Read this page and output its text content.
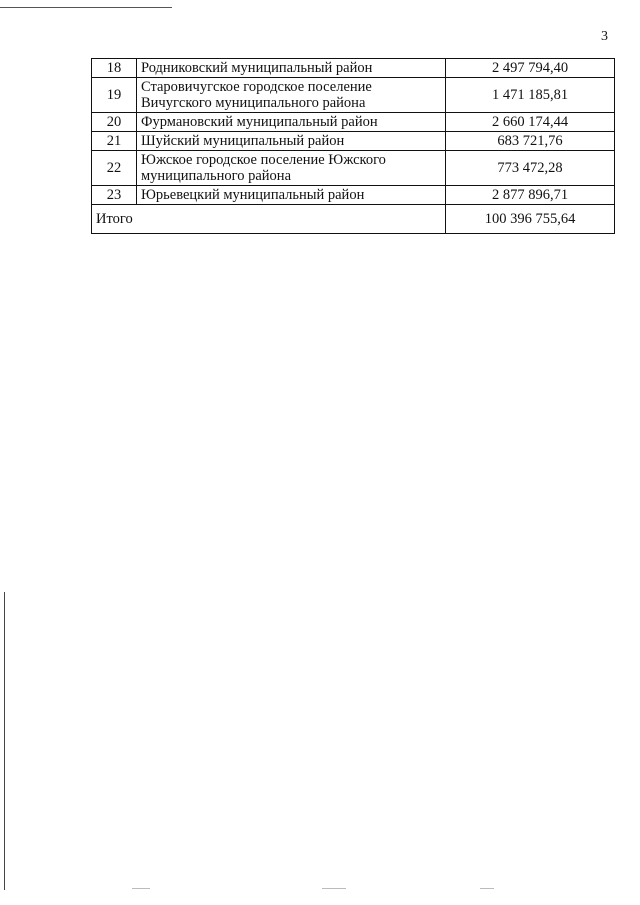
3
18	Родниковский муниципальный район	2 497 794,40
19	Старовичугское городское поселение Вичугского муниципального района	1 471 185,81
20	Фурмановский муниципальный район	2 660 174,44
21	Шуйский муниципальный район	683 721,76
22	Южское городское поселение Южского муниципального района	773 472,28
23	Юрьевецкий муниципальный район	2 877 896,71
Итого		100 396 755,64
